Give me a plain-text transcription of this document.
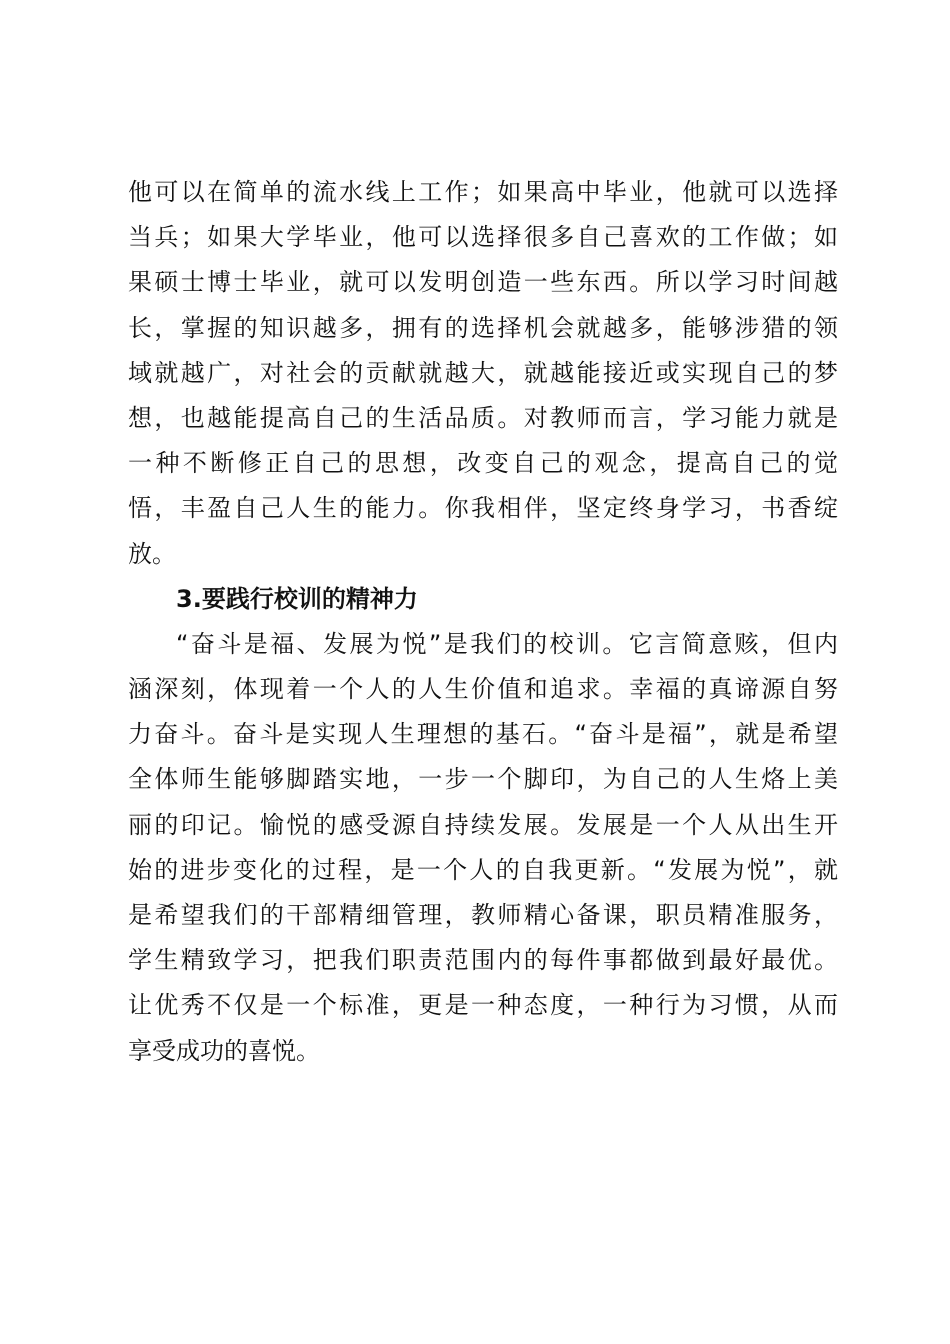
他可以在简单的流水线上工作；如果高中毕业，他就可以选择
当兵；如果大学毕业，他可以选择很多自己喜欢的工作做；如
果硕士博士毕业，就可以发明创造一些东西。所以学习时间越
长，掌握的知识越多，拥有的选择机会就越多，能够涉猎的领
域就越广，对社会的贡献就越大，就越能接近或实现自己的梦
想，也越能提高自己的生活品质。对教师而言，学习能力就是
一种不断修正自己的思想，改变自己的观念，提高自己的觉
悟，丰盈自己人生的能力。你我相伴，坚定终身学习，书香绽
放。
3.要践行校训的精神力
“奋斗是福、发展为悦”是我们的校训。它言简意赅，但内
涵深刻，体现着一个人的人生价值和追求。幸福的真谛源自努
力奋斗。奋斗是实现人生理想的基石。“奋斗是福”，就是希望
全体师生能够脚踏实地，一步一个脚印，为自己的人生烙上美
丽的印记。愉悦的感受源自持续发展。发展是一个人从出生开
始的进步变化的过程，是一个人的自我更新。“发展为悦”，就
是希望我们的干部精细管理，教师精心备课，职员精准服务，
学生精致学习，把我们职责范围内的每件事都做到最好最优。
让优秀不仅是一个标准，更是一种态度，一种行为习惯，从而
享受成功的喜悦。
